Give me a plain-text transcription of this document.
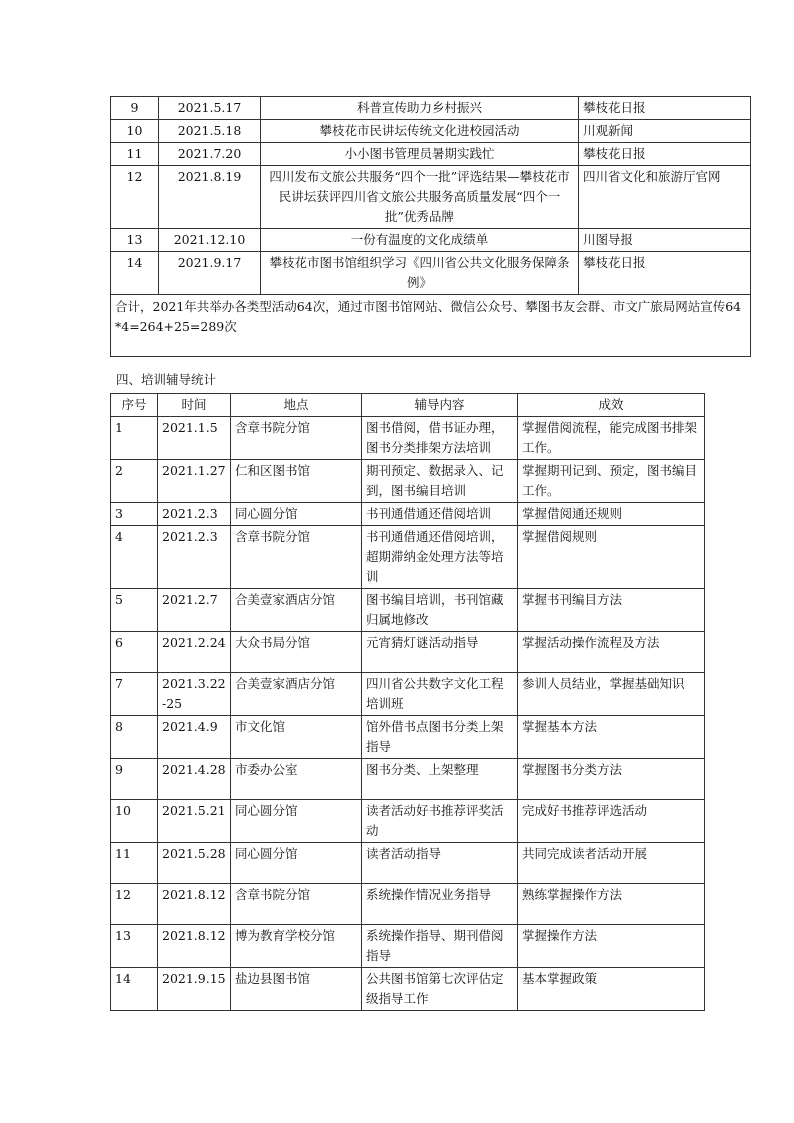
9	2021.5.17	科普宣传助力乡村振兴	攀枝花日报
10	2021.5.18	攀枝花市民讲坛传统文化进校园活动	川观新闻
11	2021.7.20	小小图书管理员暑期实践忙	攀枝花日报
12	2021.8.19	四川发布文旅公共服务“四个一批”评选结果—攀枝花市民讲坛获评四川省文旅公共服务高质量发展“四个一批”优秀品牌	四川省文化和旅游厅官网
13	2021.12.10	一份有温度的文化成绩单	川图导报
14	2021.9.17	攀枝花市图书馆组织学习《四川省公共文化服务保障条例》	攀枝花日报
合计，2021年共举办各类型活动64次，通过市图书馆网站、微信公众号、攀图书友会群、市文广旅局网站宣传64*4=264+25=289次			
四、培训辅导统计
序号	时间	地点	辅导内容	成效
1	2021.1.5	含章书院分馆	图书借阅，借书证办理，图书分类排架方法培训	掌握借阅流程，能完成图书排架工作。
2	2021.1.27	仁和区图书馆	期刊预定、数据录入、记到，图书编目培训	掌握期刊记到、预定，图书编目工作。
3	2021.2.3	同心圆分馆	书刊通借通还借阅培训	掌握借阅通还规则
4	2021.2.3	含章书院分馆	书刊通借通还借阅培训，超期滞纳金处理方法等培训	掌握借阅规则
5	2021.2.7	合美壹家酒店分馆	图书编目培训，书刊馆藏归属地修改	掌握书刊编目方法
6	2021.2.24	大众书局分馆	元宵猜灯谜活动指导	掌握活动操作流程及方法
7	2021.3.22-25	合美壹家酒店分馆	四川省公共数字文化工程培训班	参训人员结业，掌握基础知识
8	2021.4.9	市文化馆	馆外借书点图书分类上架指导	掌握基本方法
9	2021.4.28	市委办公室	图书分类、上架整理	掌握图书分类方法
10	2021.5.21	同心圆分馆	读者活动好书推荐评奖活动	完成好书推荐评选活动
11	2021.5.28	同心圆分馆	读者活动指导	共同完成读者活动开展
12	2021.8.12	含章书院分馆	系统操作情况业务指导	熟练掌握操作方法
13	2021.8.12	博为教育学校分馆	系统操作指导、期刊借阅指导	掌握操作方法
14	2021.9.15	盐边县图书馆	公共图书馆第七次评估定级指导工作	基本掌握政策
